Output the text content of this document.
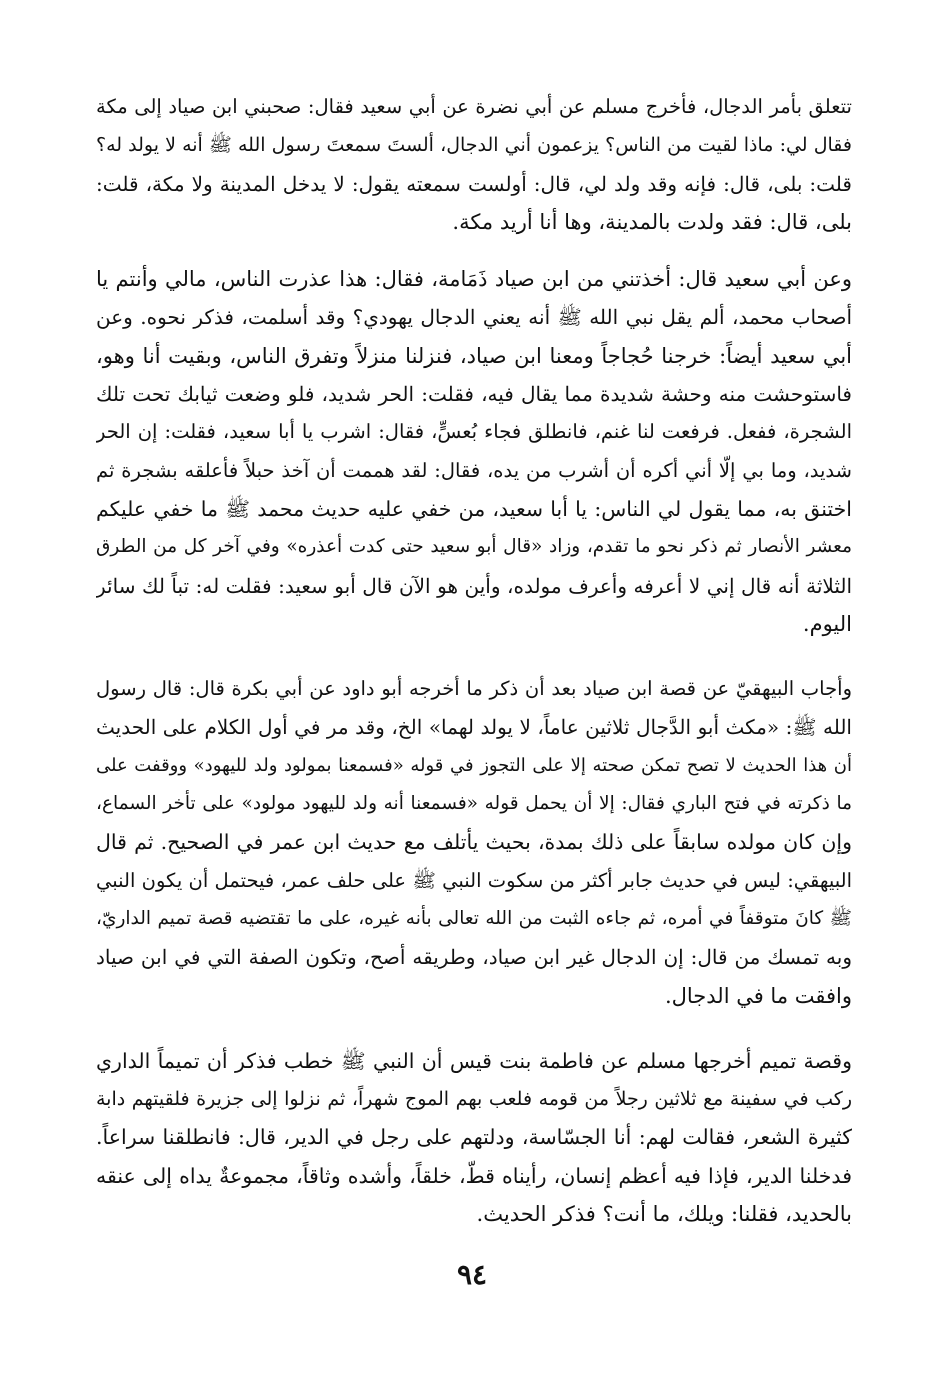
تتعلق بأمر الدجال، فأخرج مسلم عن أبي نضرة عن أبي سعيد فقال: صحبني ابن صياد إلى مكة
فقال لي: ماذا لقيت من الناس؟ يزعمون أني الدجال، ألستَ سمعتَ رسول الله ﷺ أنه لا يولد له؟
قلت: بلى، قال: فإنه وقد ولد لي، قال: أولست سمعته يقول: لا يدخل المدينة ولا مكة، قلت:
بلى، قال: فقد ولدت بالمدينة، وها أنا أريد مكة.

وعن أبي سعيد قال: أخذتني من ابن صياد ذَمَامة، فقال: هذا عذرت الناس، مالي وأنتم يا
أصحاب محمد، ألم يقل نبي الله ﷺ أنه يعني الدجال يهودي؟ وقد أسلمت، فذكر نحوه. وعن
أبي سعيد أيضاً: خرجنا حُجاجاً ومعنا ابن صياد، فنزلنا منزلاً وتفرق الناس، وبقيت أنا وهو،
فاستوحشت منه وحشة شديدة مما يقال فيه، فقلت: الحر شديد، فلو وضعت ثيابك تحت تلك
الشجرة، ففعل. فرفعت لنا غنم، فانطلق فجاء بُعسٍّ، فقال: اشرب يا أبا سعيد، فقلت: إن الحر
شديد، وما بي إلّا أني أكره أن أشرب من يده، فقال: لقد هممت أن آخذ حبلاً فأعلقه بشجرة ثم
اختنق به، مما يقول لي الناس: يا أبا سعيد، من خفي عليه حديث محمد ﷺ ما خفي عليكم
معشر الأنصار ثم ذكر نحو ما تقدم، وزاد «قال أبو سعيد حتى كدت أعذره» وفي آخر كل من الطرق
الثلاثة أنه قال إني لا أعرفه وأعرف مولده، وأين هو الآن قال أبو سعيد: فقلت له: تباً لك سائر
اليوم.

وأجاب البيهقيّ عن قصة ابن صياد بعد أن ذكر ما أخرجه أبو داود عن أبي بكرة قال: قال رسول
الله ﷺ: «مكث أبو الدَّجال ثلاثين عاماً، لا يولد لهما» الخ، وقد مر في أول الكلام على الحديث
أن هذا الحديث لا تصح تمكن صحته إلا على التجوز في قوله «فسمعنا بمولود ولد لليهود» ووقفت على
ما ذكرته في فتح الباري فقال: إلا أن يحمل قوله «فسمعنا أنه ولد لليهود مولود» على تأخر السماع،
وإن كان مولده سابقاً على ذلك بمدة، بحيث يأتلف مع حديث ابن عمر في الصحيح. ثم قال
البيهقي: ليس في حديث جابر أكثر من سكوت النبي ﷺ على حلف عمر، فيحتمل أن يكون النبي
ﷺ كانَ متوقفاً في أمره، ثم جاءه الثبت من الله تعالى بأنه غيره، على ما تقتضيه قصة تميم الداريّ،
وبه تمسك من قال: إن الدجال غير ابن صياد، وطريقه أصح، وتكون الصفة التي في ابن صياد
وافقت ما في الدجال.

وقصة تميم أخرجها مسلم عن فاطمة بنت قيس أن النبي ﷺ خطب فذكر أن تميماً الداري
ركب في سفينة مع ثلاثين رجلاً من قومه فلعب بهم الموج شهراً، ثم نزلوا إلى جزيرة فلقيتهم دابة
كثيرة الشعر، فقالت لهم: أنا الجسّاسة، ودلتهم على رجل في الدير، قال: فانطلقنا سراعاً.
فدخلنا الدير، فإذا فيه أعظم إنسان، رأيناه قطّ، خلقاً، وأشده وثاقاً، مجموعةٌ يداه إلى عنقه
بالحديد، فقلنا: ويلك، ما أنت؟ فذكر الحديث.

٩٤
